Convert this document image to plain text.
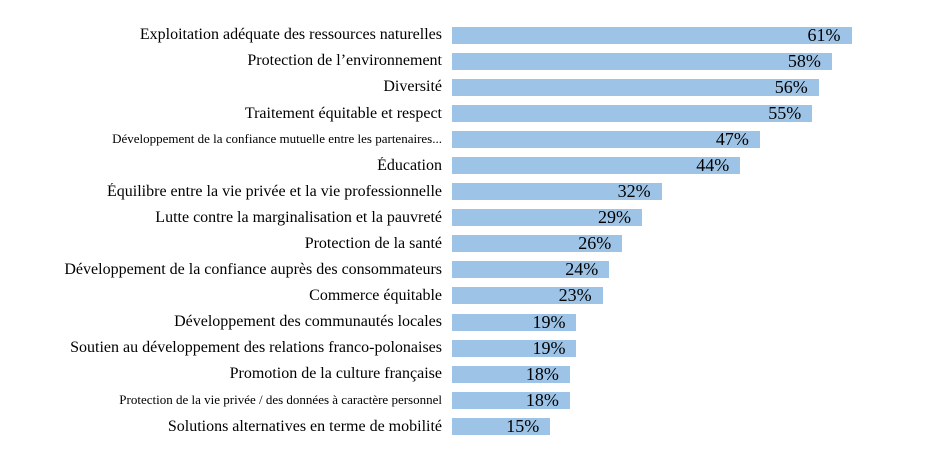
Exploitation adéquate des ressources naturelles	61%
Protection de l’environnement	58%
Diversité	56%
Traitement équitable et respect	55%
Développement de la confiance mutuelle entre les partenaires...	47%
Éducation	44%
Équilibre entre la vie privée et la vie professionnelle	32%
Lutte contre la marginalisation et la pauvreté	29%
Protection de la santé	26%
Développement de la confiance auprès des consommateurs	24%
Commerce équitable	23%
Développement des communautés locales	19%
Soutien au développement des relations franco-polonaises	19%
Promotion de la culture française	18%
Protection de la vie privée / des données à caractère personnel	18%
Solutions alternatives en terme de mobilité	15%
